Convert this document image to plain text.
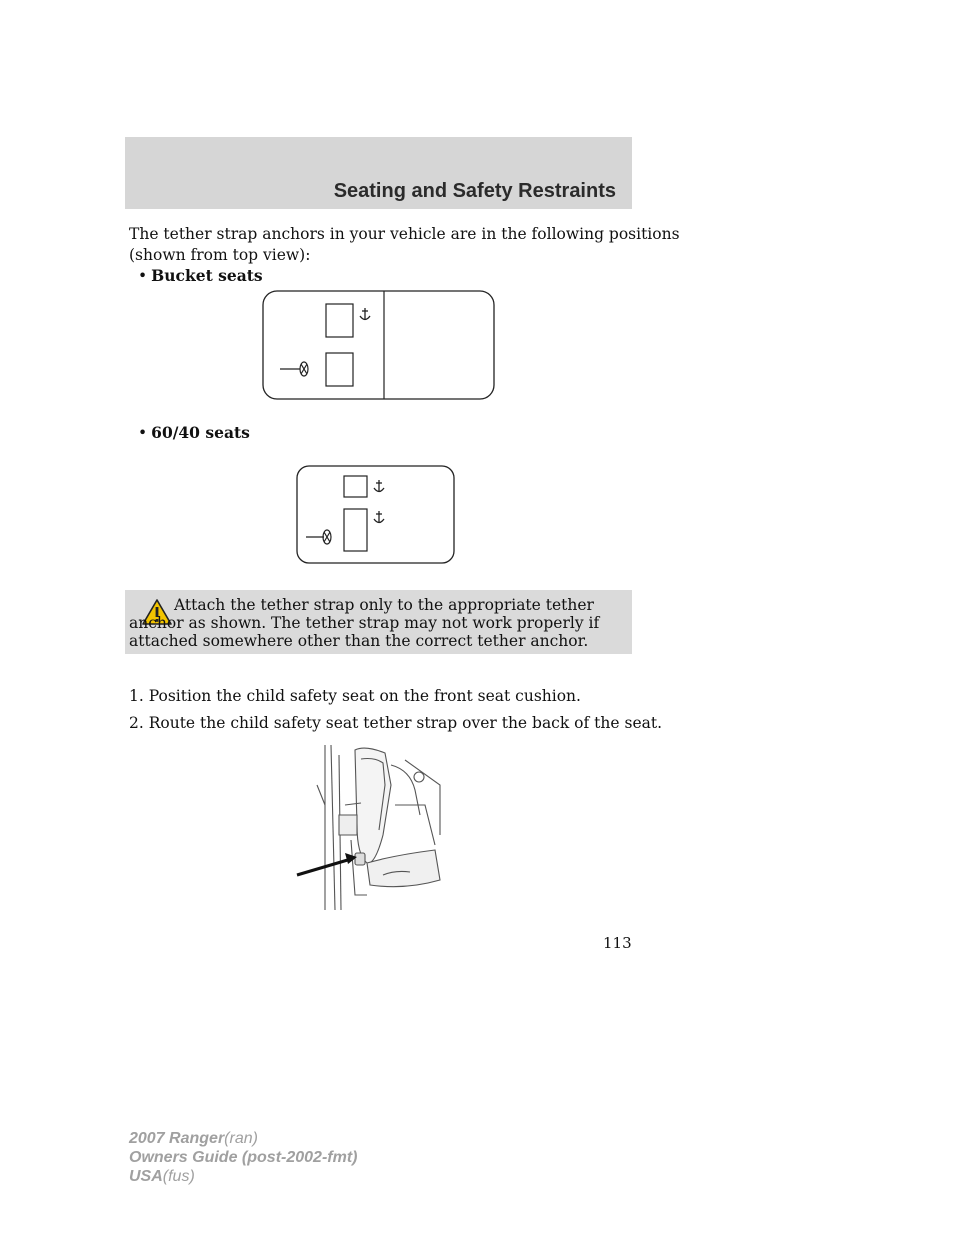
Seating and Safety Restraints
The tether strap anchors in your vehicle are in the following positions
(shown from top view):
• Bucket seats
• 60/40 seats
Attach the tether strap only to the appropriate tether anchor as shown. The tether strap may not work properly if attached somewhere other than the correct tether anchor.
1. Position the child safety seat on the front seat cushion.
2. Route the child safety seat tether strap over the back of the seat.
113
2007 Ranger(ran)
Owners Guide (post-2002-fmt)
USA(fus)
